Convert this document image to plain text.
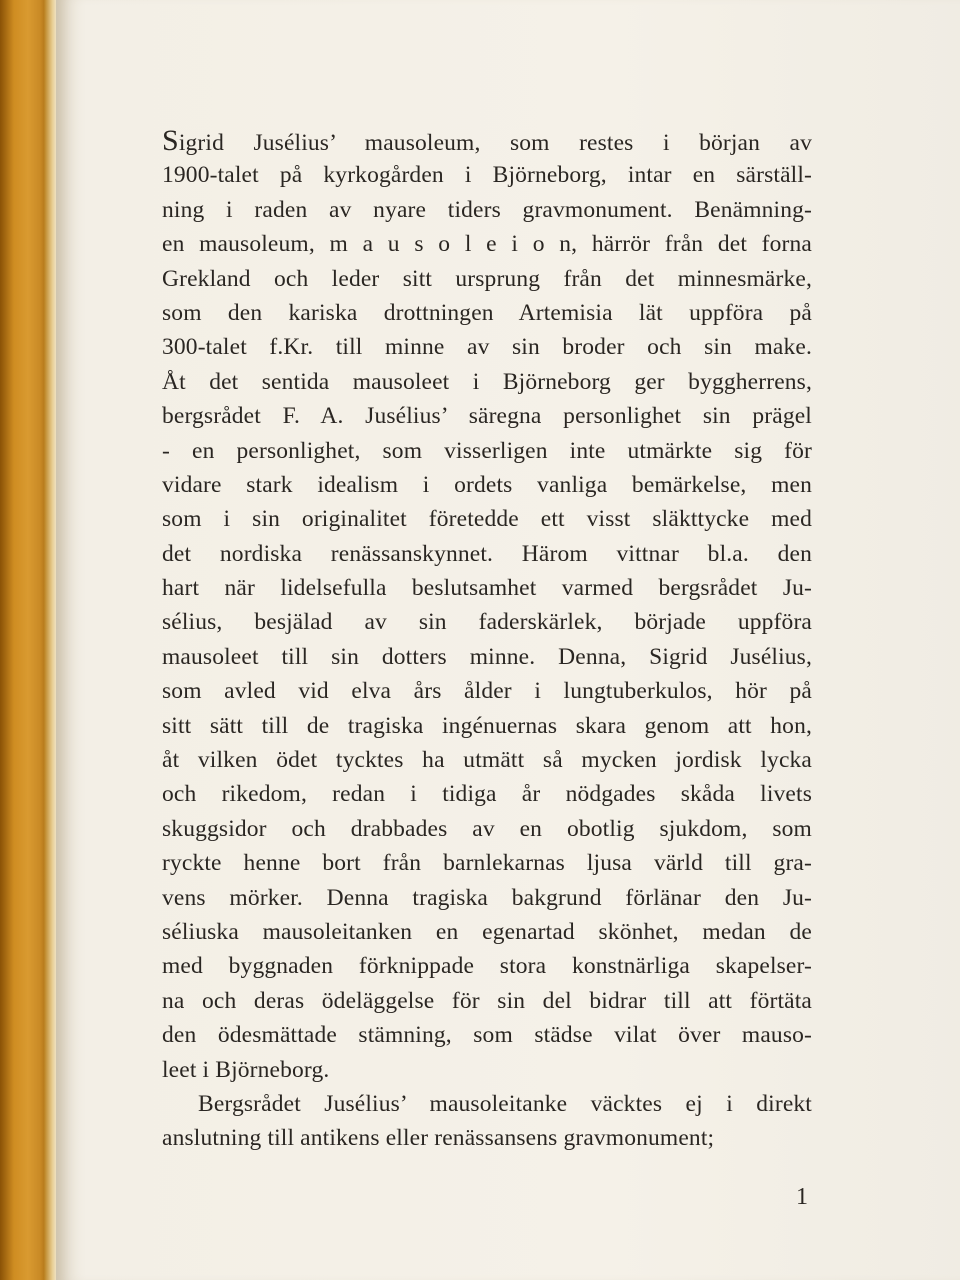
Sigrid Jusélius’ mausoleum, som restes i början av
1900-talet på kyrkogården i Björneborg, intar en särställ-
ning i raden av nyare tiders gravmonument. Benämning-
en mausoleum, m a u s o l e i o n, härrör från det forna
Grekland och leder sitt ursprung från det minnesmärke,
som den kariska drottningen Artemisia lät uppföra på
300-talet f.Kr. till minne av sin broder och sin make.
Åt det sentida mausoleet i Björneborg ger byggherrens,
bergsrådet F. A. Jusélius’ säregna personlighet sin prägel
- en personlighet, som visserligen inte utmärkte sig för
vidare stark idealism i ordets vanliga bemärkelse, men
som i sin originalitet företedde ett visst släkttycke med
det nordiska renässanskynnet. Härom vittnar bl.a. den
hart när lidelsefulla beslutsamhet varmed bergsrådet Ju-
sélius, besjälad av sin faderskärlek, började uppföra
mausoleet till sin dotters minne. Denna, Sigrid Jusélius,
som avled vid elva års ålder i lungtuberkulos, hör på
sitt sätt till de tragiska ingénuernas skara genom att hon,
åt vilken ödet tycktes ha utmätt så mycken jordisk lycka
och rikedom, redan i tidiga år nödgades skåda livets
skuggsidor och drabbades av en obotlig sjukdom, som
ryckte henne bort från barnlekarnas ljusa värld till gra-
vens mörker. Denna tragiska bakgrund förlänar den Ju-
séliuska mausoleitanken en egenartad skönhet, medan de
med byggnaden förknippade stora konstnärliga skapelser-
na och deras ödeläggelse för sin del bidrar till att förtäta
den ödesmättade stämning, som städse vilat över mauso-
leet i Björneborg.
Bergsrådet Jusélius’ mausoleitanke väcktes ej i direkt
anslutning till antikens eller renässansens gravmonument;
1
